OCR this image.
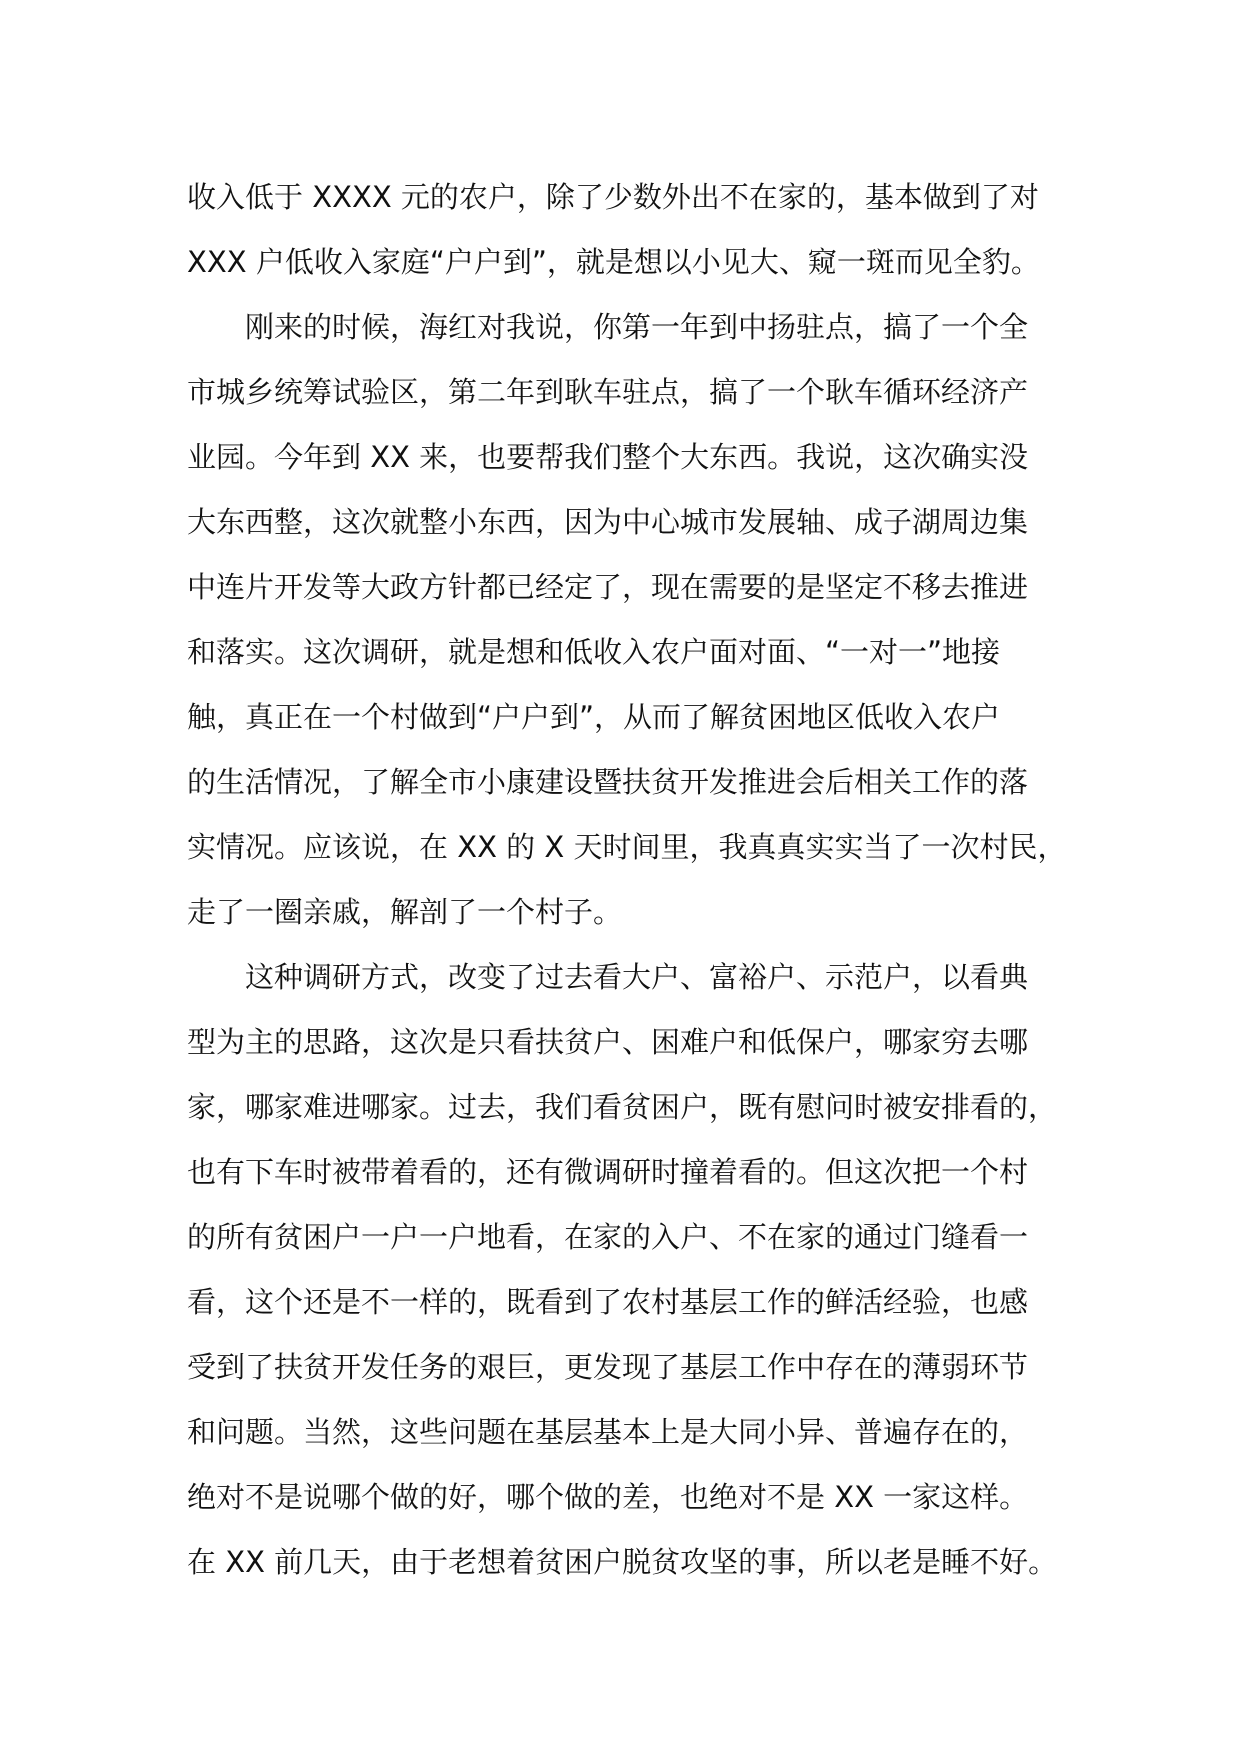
收入低于 XXXX 元的农户，除了少数外出不在家的，基本做到了对
XXX 户低收入家庭“户户到”，就是想以小见大、窥一斑而见全豹。
刚来的时候，海红对我说，你第一年到中扬驻点，搞了一个全
市城乡统筹试验区，第二年到耿车驻点，搞了一个耿车循环经济产
业园。今年到 XX 来，也要帮我们整个大东西。我说，这次确实没
大东西整，这次就整小东西，因为中心城市发展轴、成子湖周边集
中连片开发等大政方针都已经定了，现在需要的是坚定不移去推进
和落实。这次调研，就是想和低收入农户面对面、“一对一”地接
触，真正在一个村做到“户户到”，从而了解贫困地区低收入农户
的生活情况，了解全市小康建设暨扶贫开发推进会后相关工作的落
实情况。应该说，在 XX 的 X 天时间里，我真真实实当了一次村民，
走了一圈亲戚，解剖了一个村子。
这种调研方式，改变了过去看大户、富裕户、示范户，以看典
型为主的思路，这次是只看扶贫户、困难户和低保户，哪家穷去哪
家，哪家难进哪家。过去，我们看贫困户，既有慰问时被安排看的，
也有下车时被带着看的，还有微调研时撞着看的。但这次把一个村
的所有贫困户一户一户地看，在家的入户、不在家的通过门缝看一
看，这个还是不一样的，既看到了农村基层工作的鲜活经验，也感
受到了扶贫开发任务的艰巨，更发现了基层工作中存在的薄弱环节
和问题。当然，这些问题在基层基本上是大同小异、普遍存在的，
绝对不是说哪个做的好，哪个做的差，也绝对不是 XX 一家这样。
在 XX 前几天，由于老想着贫困户脱贫攻坚的事，所以老是睡不好。
